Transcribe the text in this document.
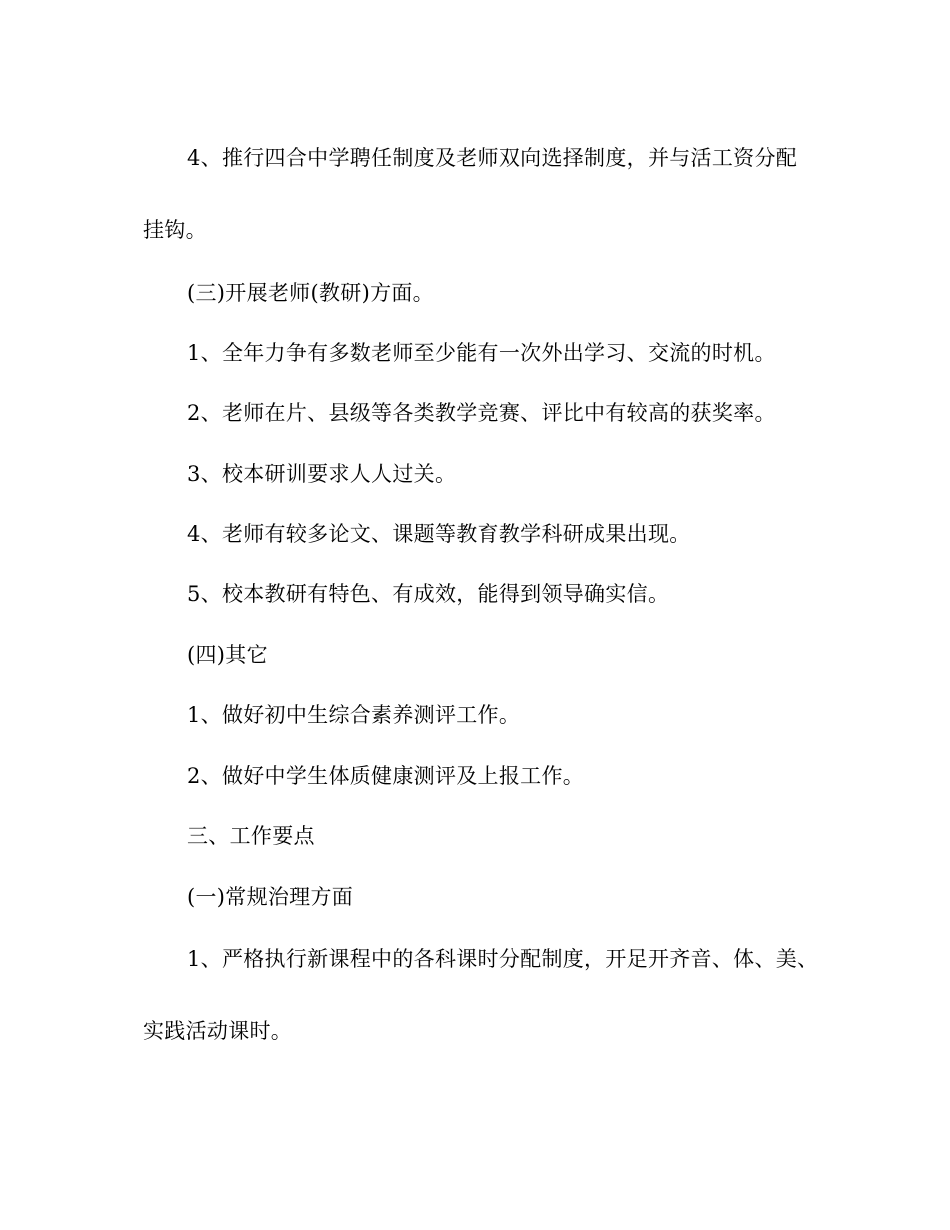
4、推行四合中学聘任制度及老师双向选择制度，并与活工资分配
挂钩。
(三)开展老师(教研)方面。
1、全年力争有多数老师至少能有一次外出学习、交流的时机。
2、老师在片、县级等各类教学竞赛、评比中有较高的获奖率。
3、校本研训要求人人过关。
4、老师有较多论文、课题等教育教学科研成果出现。
5、校本教研有特色、有成效，能得到领导确实信。
(四)其它
1、做好初中生综合素养测评工作。
2、做好中学生体质健康测评及上报工作。
三、工作要点
(一)常规治理方面
1、严格执行新课程中的各科课时分配制度，开足开齐音、体、美、
实践活动课时。
